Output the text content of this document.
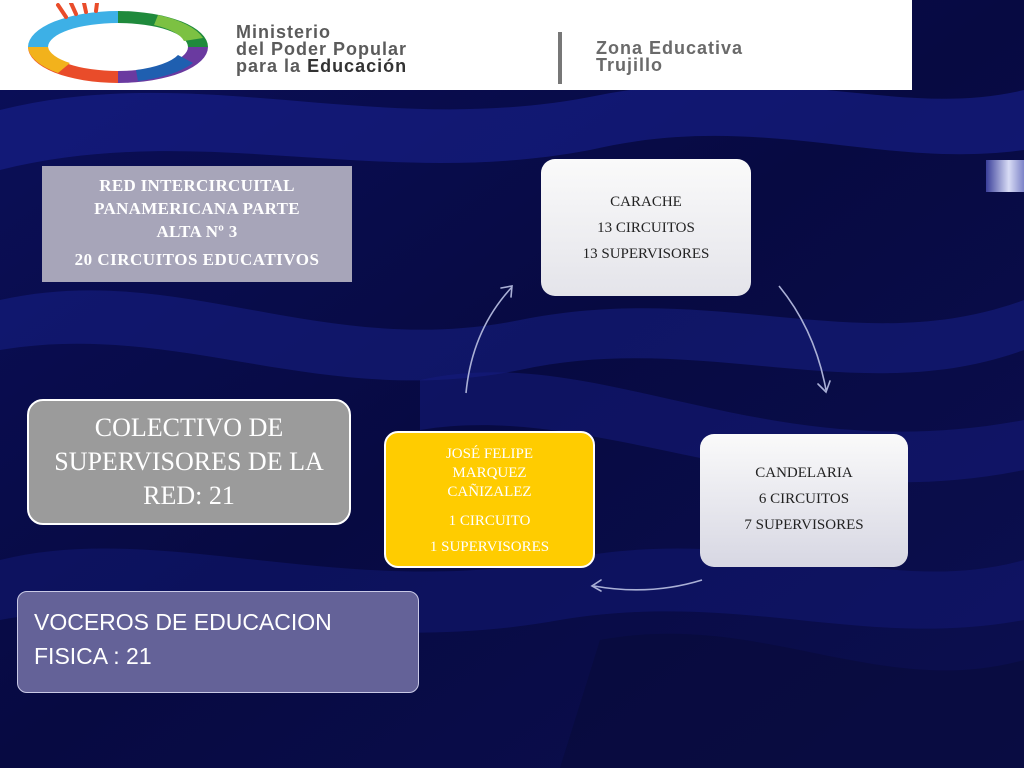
Ministerio
del Poder Popular
para la Educación
Zona Educativa
Trujillo
RED INTERCIRCUITAL
PANAMERICANA PARTE
ALTA Nº 3
20 CIRCUITOS EDUCATIVOS
COLECTIVO DE
SUPERVISORES DE LA
RED: 21
VOCEROS DE EDUCACION
FISICA : 21
CARACHE
13 CIRCUITOS
13 SUPERVISORES
CANDELARIA
6 CIRCUITOS
7 SUPERVISORES
JOSÉ FELIPE
MARQUEZ
CAÑIZALEZ
1 CIRCUITO
1 SUPERVISORES
